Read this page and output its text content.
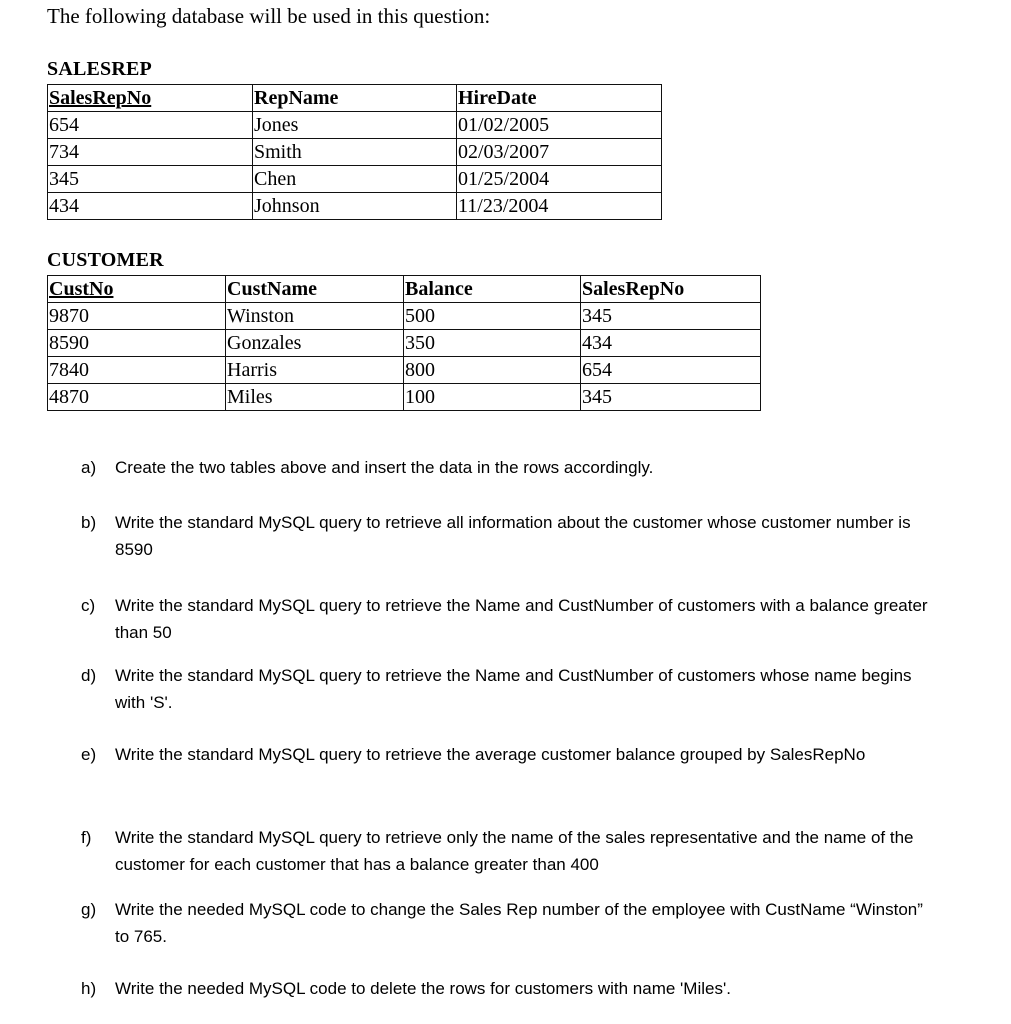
The following database will be used in this question:
SALESREP
SalesRepNo	RepName	HireDate
654	Jones	01/02/2005
734	Smith	02/03/2007
345	Chen	01/25/2004
434	Johnson	11/23/2004
CUSTOMER
CustNo	CustName	Balance	SalesRepNo
9870	Winston	500	345
8590	Gonzales	350	434
7840	Harris	800	654
4870	Miles	100	345
a)	Create the two tables above and insert the data in the rows accordingly.
b)	Write the standard MySQL query to retrieve all information about the customer whose customer number is 8590
c)	Write the standard MySQL query to retrieve the Name and CustNumber of customers with a balance greater than 50
d)	Write the standard MySQL query to retrieve the Name and CustNumber of customers whose name begins with 'S'.
e)	Write the standard MySQL query to retrieve the average customer balance grouped by SalesRepNo
f)	Write the standard MySQL query to retrieve only the name of the sales representative and the name of the customer for each customer that has a balance greater than 400
g)	Write the needed MySQL code to change the Sales Rep number of the employee with CustName “Winston” to 765.
h)	Write the needed MySQL code to delete the rows for customers with name 'Miles'.
